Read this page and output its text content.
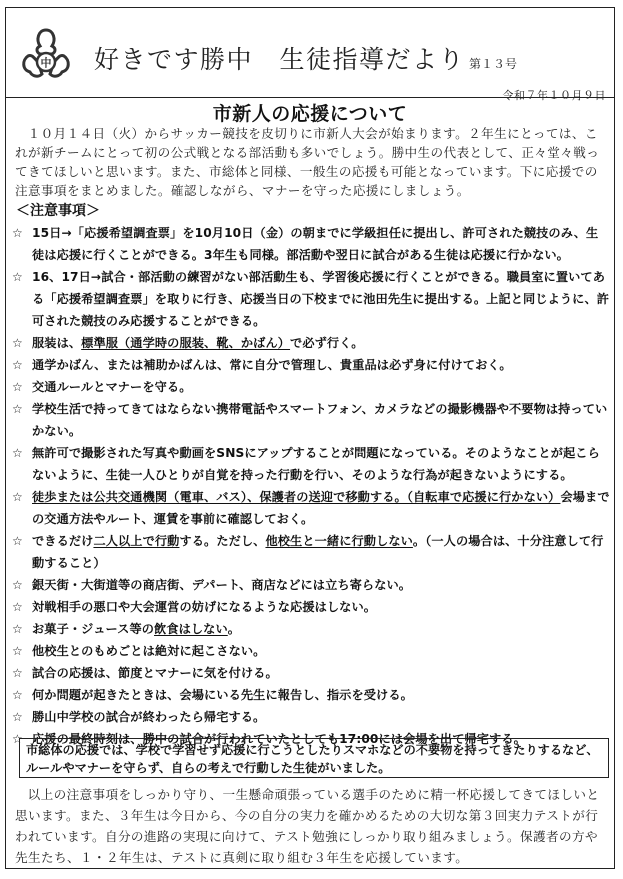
中 好きです勝中　生徒指導だより 第１３号
令和７年１０月９日
市新人の応援について

１０月１４日（火）からサッカー競技を皮切りに市新人大会が始まります。２年生にとっては、これが新チームにとって初の公式戦となる部活動も多いでしょう。勝中生の代表として、正々堂々戦ってきてほしいと思います。また、市総体と同様、一般生の応援も可能となっています。下に応援での注意事項をまとめました。確認しながら、マナーを守った応援にしましょう。

＜注意事項＞
☆ 15日→「応援希望調査票」を10月10日（金）の朝までに学級担任に提出し、許可された競技のみ、生徒は応援に行くことができる。3年生も同様。部活動や翌日に試合がある生徒は応援に行かない。
☆ 16、17日→試合・部活動の練習がない部活動生も、学習後応援に行くことができる。職員室に置いてある「応援希望調査票」を取りに行き、応援当日の下校までに池田先生に提出する。上記と同じように、許可された競技のみ応援することができる。
☆ 服装は、標準服（通学時の服装、靴、かばん）で必ず行く。
☆ 通学かばん、または補助かばんは、常に自分で管理し、貴重品は必ず身に付けておく。
☆ 交通ルールとマナーを守る。
☆ 学校生活で持ってきてはならない携帯電話やスマートフォン、カメラなどの撮影機器や不要物は持っていかない。
☆ 無許可で撮影された写真や動画をSNSにアップすることが問題になっている。そのようなことが起こらないように、生徒一人ひとりが自覚を持った行動を行い、そのような行為が起きないようにする。
☆ 徒歩または公共交通機関（電車、バス）、保護者の送迎で移動する。（自転車で応援に行かない）会場までの交通方法やルート、運賃を事前に確認しておく。
☆ できるだけ二人以上で行動する。ただし、他校生と一緒に行動しない。（一人の場合は、十分注意して行動すること）
☆ 銀天街・大街道等の商店街、デパート、商店などには立ち寄らない。
☆ 対戦相手の悪口や大会運営の妨げになるような応援はしない。
☆ お菓子・ジュース等の飲食はしない。
☆ 他校生とのもめごとは絶対に起こさない。
☆ 試合の応援は、節度とマナーに気を付ける。
☆ 何か問題が起きたときは、会場にいる先生に報告し、指示を受ける。
☆ 勝山中学校の試合が終わったら帰宅する。
☆ 応援の最終時刻は、勝中の試合が行われていたとしても17:00には会場を出て帰宅する。
市総体の応援では、学校で学習せず応援に行こうとしたりスマホなどの不要物を持ってきたりするなど、ルールやマナーを守らず、自らの考えで行動した生徒がいました。

以上の注意事項をしっかり守り、一生懸命頑張っている選手のために精一杯応援してきてほしいと思います。また、３年生は今日から、今の自分の実力を確かめるための大切な第３回実力テストが行われています。自分の進路の実現に向けて、テスト勉強にしっかり取り組みましょう。保護者の方や先生たち、１・２年生は、テストに真剣に取り組む３年生を応援しています。
